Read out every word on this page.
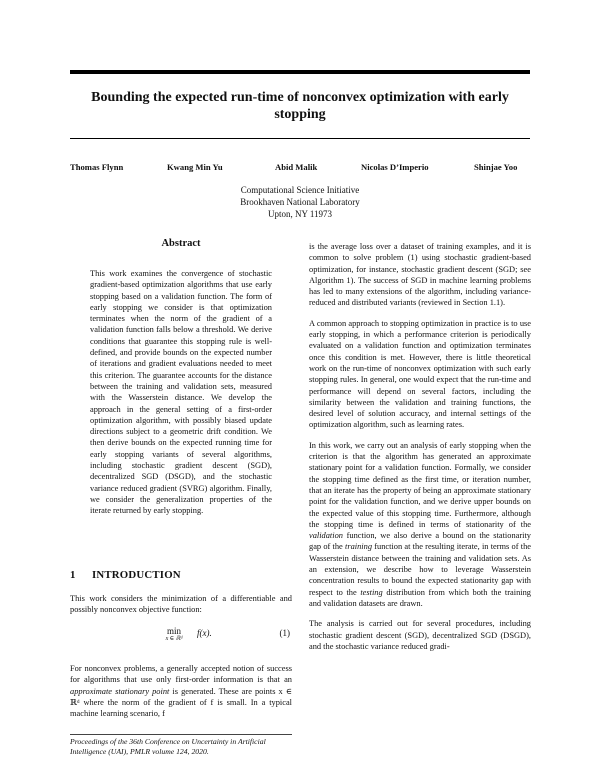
Bounding the expected run-time of nonconvex optimization with early stopping
Thomas Flynn	Kwang Min Yu	Abid Malik	Nicolas D’Imperio	Shinjae Yoo
Computational Science Initiative
Brookhaven National Laboratory
Upton, NY 11973
Abstract
This work examines the convergence of stochastic gradient-based optimization algorithms that use early stopping based on a validation function. The form of early stopping we consider is that optimization terminates when the norm of the gradient of a validation function falls below a threshold. We derive conditions that guarantee this stopping rule is well-defined, and provide bounds on the expected number of iterations and gradient evaluations needed to meet this criterion. The guarantee accounts for the distance between the training and validation sets, measured with the Wasserstein distance. We develop the approach in the general setting of a first-order optimization algorithm, with possibly biased update directions subject to a geometric drift condition. We then derive bounds on the expected running time for early stopping variants of several algorithms, including stochastic gradient descent (SGD), decentralized SGD (DSGD), and the stochastic variance reduced gradient (SVRG) algorithm. Finally, we consider the generalization properties of the iterate returned by early stopping.
1 INTRODUCTION
This work considers the minimization of a differentiable and possibly nonconvex objective function:
min
x ∈ ℝᵈ
f(x).	(1)
For nonconvex problems, a generally accepted notion of success for algorithms that use only first-order information is that an approximate stationary point is generated. These are points x ∈ ℝᵈ where the norm of the gradient of f is small. In a typical machine learning scenario, f
Proceedings of the 36th Conference on Uncertainty in Artificial Intelligence (UAI), PMLR volume 124, 2020.

is the average loss over a dataset of training examples, and it is common to solve problem (1) using stochastic gradient-based optimization, for instance, stochastic gradient descent (SGD; see Algorithm 1). The success of SGD in machine learning problems has led to many extensions of the algorithm, including variance-reduced and distributed variants (reviewed in Section 1.1).

A common approach to stopping optimization in practice is to use early stopping, in which a performance criterion is periodically evaluated on a validation function and optimization terminates once this condition is met. However, there is little theoretical work on the run-time of nonconvex optimization with such early stopping rules. In general, one would expect that the run-time and performance will depend on several factors, including the similarity between the validation and training functions, the desired level of solution accuracy, and internal settings of the optimization algorithm, such as learning rates.

In this work, we carry out an analysis of early stopping when the criterion is that the algorithm has generated an approximate stationary point for a validation function. Formally, we consider the stopping time defined as the first time, or iteration number, that an iterate has the property of being an approximate stationary point for the validation function, and we derive upper bounds on the expected value of this stopping time. Furthermore, although the stopping time is defined in terms of stationarity of the validation function, we also derive a bound on the stationarity gap of the training function at the resulting iterate, in terms of the Wasserstein distance between the training and validation sets. As an extension, we describe how to leverage Wasserstein concentration results to bound the expected stationarity gap with respect to the testing distribution from which both the training and validation datasets are drawn.

The analysis is carried out for several procedures, including stochastic gradient descent (SGD), decentralized SGD (DSGD), and the stochastic variance reduced gradi-
